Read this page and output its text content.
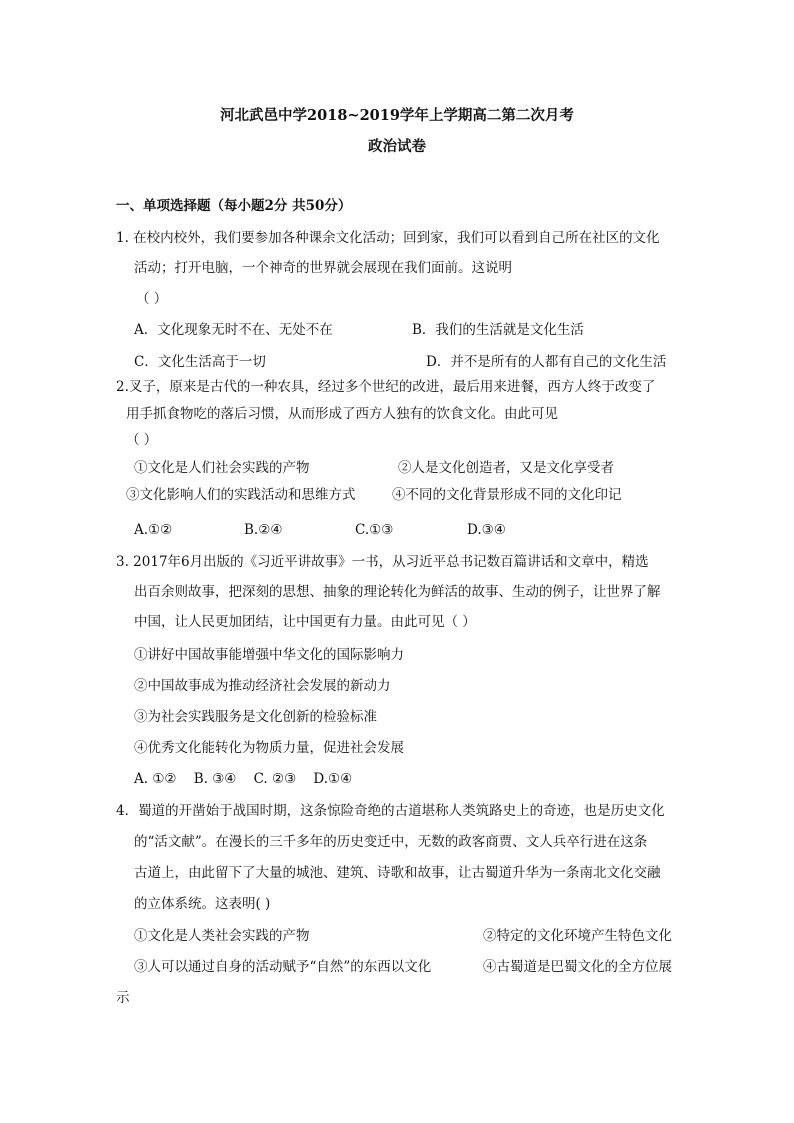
河北武邑中学2018~2019学年上学期高二第二次月考
政治试卷
一、单项选择题（每小题2分 共50分）
1. 在校内校外，我们要参加各种课余文化活动；回到家，我们可以看到自己所在社区的文化
活动；打开电脑，一个神奇的世界就会展现在我们面前。这说明
（ ）
A．文化现象无时不在、无处不在	B．我们的生活就是文化生活
C．文化生活高于一切	D．并不是所有的人都有自己的文化生活
2.叉子，原来是古代的一种农具，经过多个世纪的改进，最后用来进餐，西方人终于改变了
用手抓食物吃的落后习惯，从而形成了西方人独有的饮食文化。由此可见
（ ）
①文化是人们社会实践的产物	②人是文化创造者，又是文化享受者
③文化影响人们的实践活动和思维方式	④不同的文化背景形成不同的文化印记
A.①②	B.②④	C.①③	D.③④
3. 2017年6月出版的《习近平讲故事》一书，从习近平总书记数百篇讲话和文章中，精选
出百余则故事，把深刻的思想、抽象的理论转化为鲜活的故事、生动的例子，让世界了解
中国，让人民更加团结，让中国更有力量。由此可见（ ）
①讲好中国故事能增强中华文化的国际影响力
②中国故事成为推动经济社会发展的新动力
③为社会实践服务是文化创新的检验标准
④优秀文化能转化为物质力量，促进社会发展
A. ①②    B. ③④    C. ②③    D.①④
4．蜀道的开凿始于战国时期，这条惊险奇绝的古道堪称人类筑路史上的奇迹，也是历史文化
的“活文献”。在漫长的三千多年的历史变迁中，无数的政客商贾、文人兵卒行进在这条
古道上，由此留下了大量的城池、建筑、诗歌和故事，让古蜀道升华为一条南北文化交融
的立体系统。这表明( )
①文化是人类社会实践的产物	②特定的文化环境产生特色文化
③人可以通过自身的活动赋予“自然”的东西以文化	④古蜀道是巴蜀文化的全方位展
示
